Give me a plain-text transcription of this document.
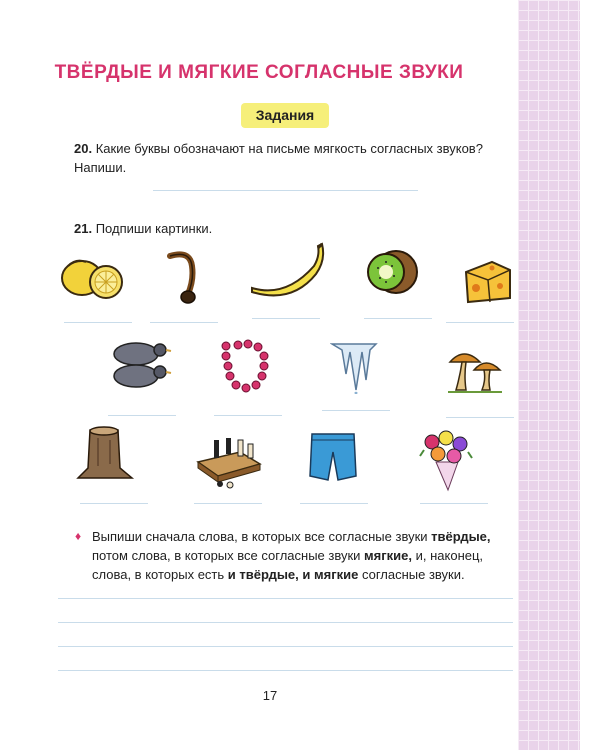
ТВЁРДЫЕ И МЯГКИЕ СОГЛАСНЫЕ ЗВУКИ
Задания
20. Какие буквы обозначают на письме мягкость согласных звуков? Напиши.
21. Подпиши картинки.
♦ Выпиши сначала слова, в которых все согласные звуки твёрдые, потом слова, в которых все согласные звуки мягкие, и, наконец, слова, в которых есть и твёрдые, и мягкие согласные звуки.
17
